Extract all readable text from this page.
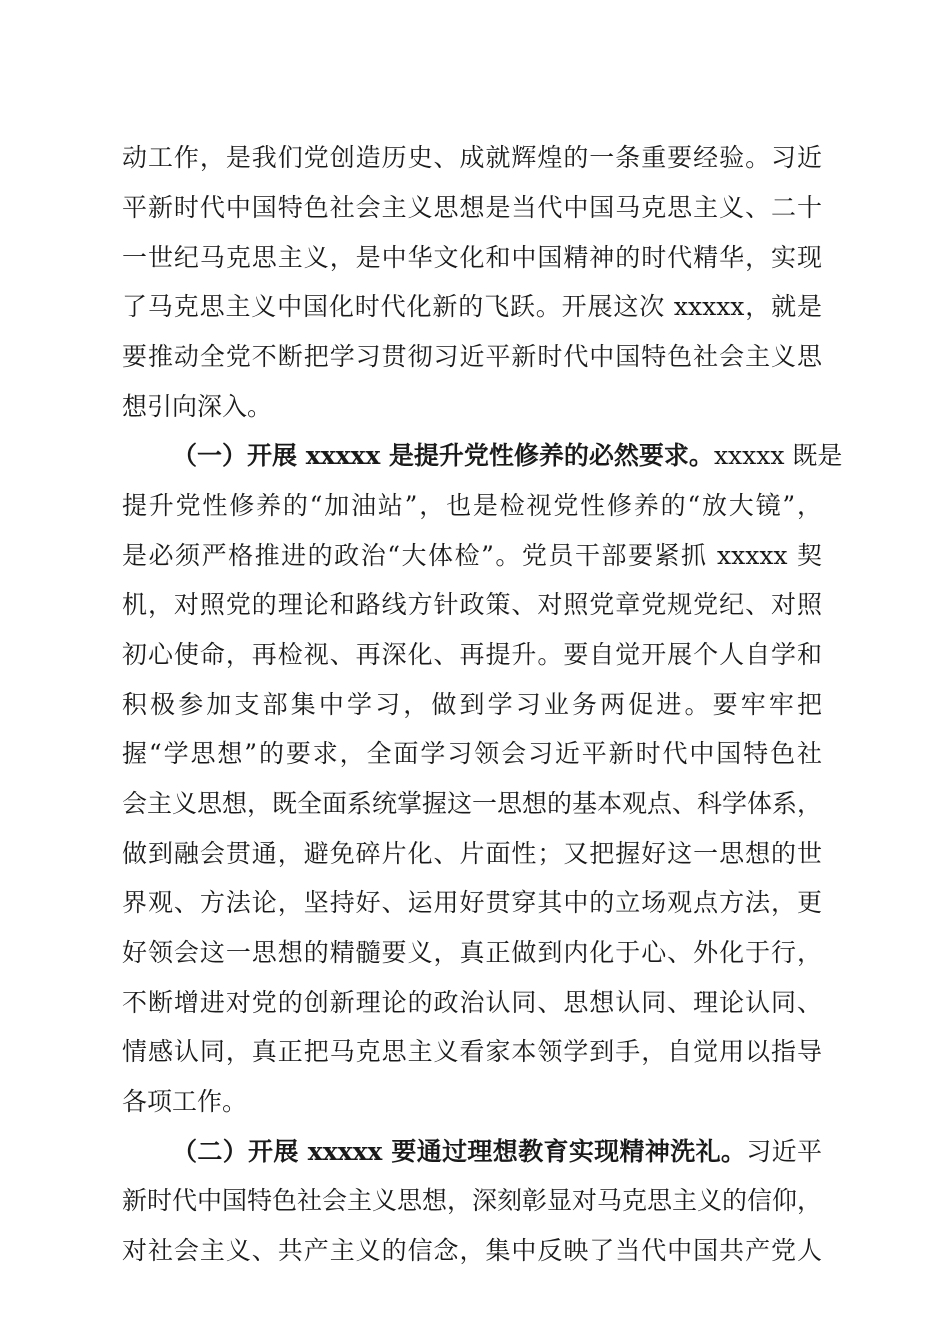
动工作，是我们党创造历史、成就辉煌的一条重要经验。习近
平新时代中国特色社会主义思想是当代中国马克思主义、二十
一世纪马克思主义，是中华文化和中国精神的时代精华，实现
了马克思主义中国化时代化新的飞跃。开展这次 xxxxx，就是
要推动全党不断把学习贯彻习近平新时代中国特色社会主义思
想引向深入。
（一）开展 xxxxx 是提升党性修养的必然要求。xxxxx 既是
提升党性修养的“加油站”，也是检视党性修养的“放大镜”，
是必须严格推进的政治“大体检”。党员干部要紧抓 xxxxx 契
机，对照党的理论和路线方针政策、对照党章党规党纪、对照
初心使命，再检视、再深化、再提升。要自觉开展个人自学和
积极参加支部集中学习，做到学习业务两促进。要牢牢把
握“学思想”的要求，全面学习领会习近平新时代中国特色社
会主义思想，既全面系统掌握这一思想的基本观点、科学体系，
做到融会贯通，避免碎片化、片面性；又把握好这一思想的世
界观、方法论，坚持好、运用好贯穿其中的立场观点方法，更
好领会这一思想的精髓要义，真正做到内化于心、外化于行，
不断增进对党的创新理论的政治认同、思想认同、理论认同、
情感认同，真正把马克思主义看家本领学到手，自觉用以指导
各项工作。
（二）开展 xxxxx 要通过理想教育实现精神洗礼。习近平
新时代中国特色社会主义思想，深刻彰显对马克思主义的信仰，
对社会主义、共产主义的信念，集中反映了当代中国共产党人
